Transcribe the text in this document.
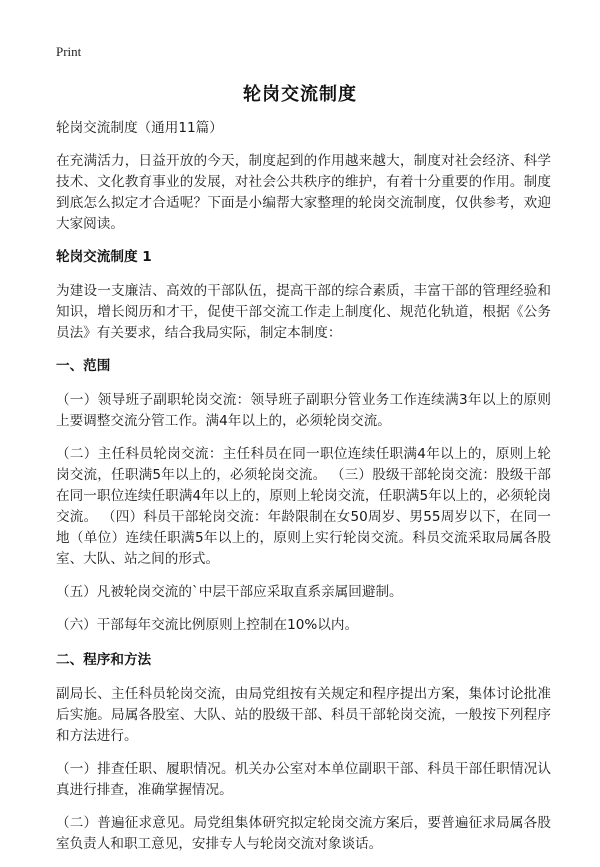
Print
轮岗交流制度

轮岗交流制度（通用11篇）

在充满活力，日益开放的今天，制度起到的作用越来越大，制度对社会经济、科学技术、文化教育事业的发展，对社会公共秩序的维护，有着十分重要的作用。制度到底怎么拟定才合适呢？下面是小编帮大家整理的轮岗交流制度，仅供参考，欢迎大家阅读。

轮岗交流制度 1

为建设一支廉洁、高效的干部队伍，提高干部的综合素质，丰富干部的管理经验和知识，增长阅历和才干，促使干部交流工作走上制度化、规范化轨道，根据《公务员法》有关要求，结合我局实际，制定本制度：

一、范围

（一）领导班子副职轮岗交流：领导班子副职分管业务工作连续满3年以上的原则上要调整交流分管工作。满4年以上的，必须轮岗交流。

（二）主任科员轮岗交流：主任科员在同一职位连续任职满4年以上的，原则上轮岗交流，任职满5年以上的，必须轮岗交流。 （三）股级干部轮岗交流：股级干部在同一职位连续任职满4年以上的，原则上轮岗交流，任职满5年以上的，必须轮岗交流。 （四）科员干部轮岗交流：年龄限制在女50周岁、男55周岁以下，在同一地（单位）连续任职满5年以上的，原则上实行轮岗交流。科员交流采取局属各股室、大队、站之间的形式。

（五）凡被轮岗交流的`中层干部应采取直系亲属回避制。

（六）干部每年交流比例原则上控制在10%以内。

二、程序和方法

副局长、主任科员轮岗交流，由局党组按有关规定和程序提出方案，集体讨论批准后实施。局属各股室、大队、站的股级干部、科员干部轮岗交流，一般按下列程序和方法进行。

（一）排查任职、履职情况。机关办公室对本单位副职干部、科员干部任职情况认真进行排查，准确掌握情况。

（二）普遍征求意见。局党组集体研究拟定轮岗交流方案后，要普遍征求局属各股室负责人和职工意见，安排专人与轮岗交流对象谈话。
